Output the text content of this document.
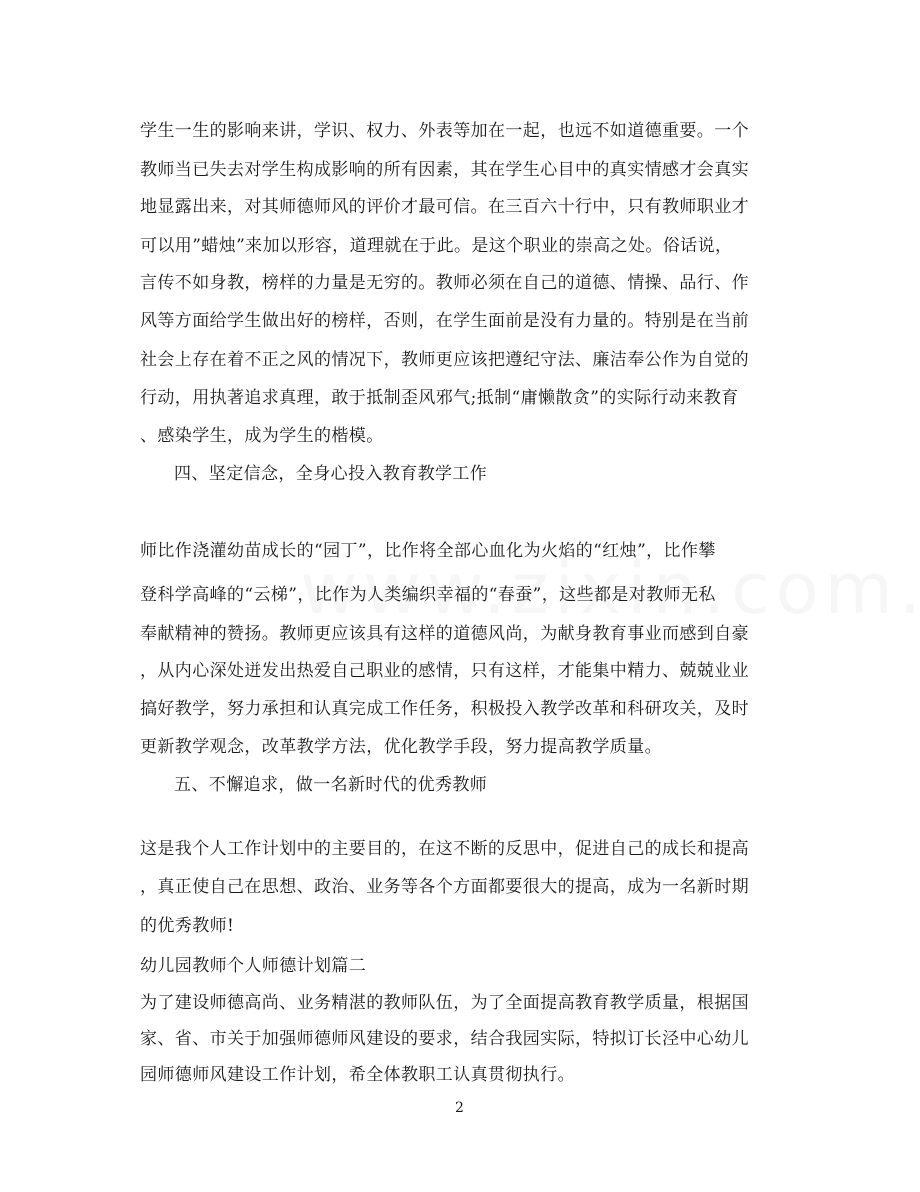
学生一生的影响来讲，学识、权力、外表等加在一起，也远不如道德重要。一个
教师当已失去对学生构成影响的所有因素，其在学生心目中的真实情感才会真实
地显露出来，对其师德师风的评价才最可信。在三百六十行中，只有教师职业才
可以用”蜡烛”来加以形容，道理就在于此。是这个职业的崇高之处。俗话说，
言传不如身教，榜样的力量是无穷的。教师必须在自己的道德、情操、品行、作
风等方面给学生做出好的榜样，否则，在学生面前是没有力量的。特别是在当前
社会上存在着不正之风的情况下，教师更应该把遵纪守法、廉洁奉公作为自觉的
行动，用执著追求真理，敢于抵制歪风邪气;抵制“庸懒散贪”的实际行动来教育
、感染学生，成为学生的楷模。
四、坚定信念，全身心投入教育教学工作
师比作浇灌幼苗成长的“园丁”，比作将全部心血化为火焰的“红烛”，比作攀
登科学高峰的“云梯”，比作为人类编织幸福的“春蚕”，这些都是对教师无私
奉献精神的赞扬。教师更应该具有这样的道德风尚，为献身教育事业而感到自豪
，从内心深处迸发出热爱自己职业的感情，只有这样，才能集中精力、兢兢业业
搞好教学，努力承担和认真完成工作任务，积极投入教学改革和科研攻关，及时
更新教学观念，改革教学方法，优化教学手段，努力提高教学质量。
五、不懈追求，做一名新时代的优秀教师
这是我个人工作计划中的主要目的，在这不断的反思中，促进自己的成长和提高
，真正使自己在思想、政治、业务等各个方面都要很大的提高，成为一名新时期
的优秀教师!
幼儿园教师个人师德计划篇二
为了建设师德高尚、业务精湛的教师队伍，为了全面提高教育教学质量，根据国
家、省、市关于加强师德师风建设的要求，结合我园实际，特拟订长泾中心幼儿
园师德师风建设工作计划，希全体教职工认真贯彻执行。
2
